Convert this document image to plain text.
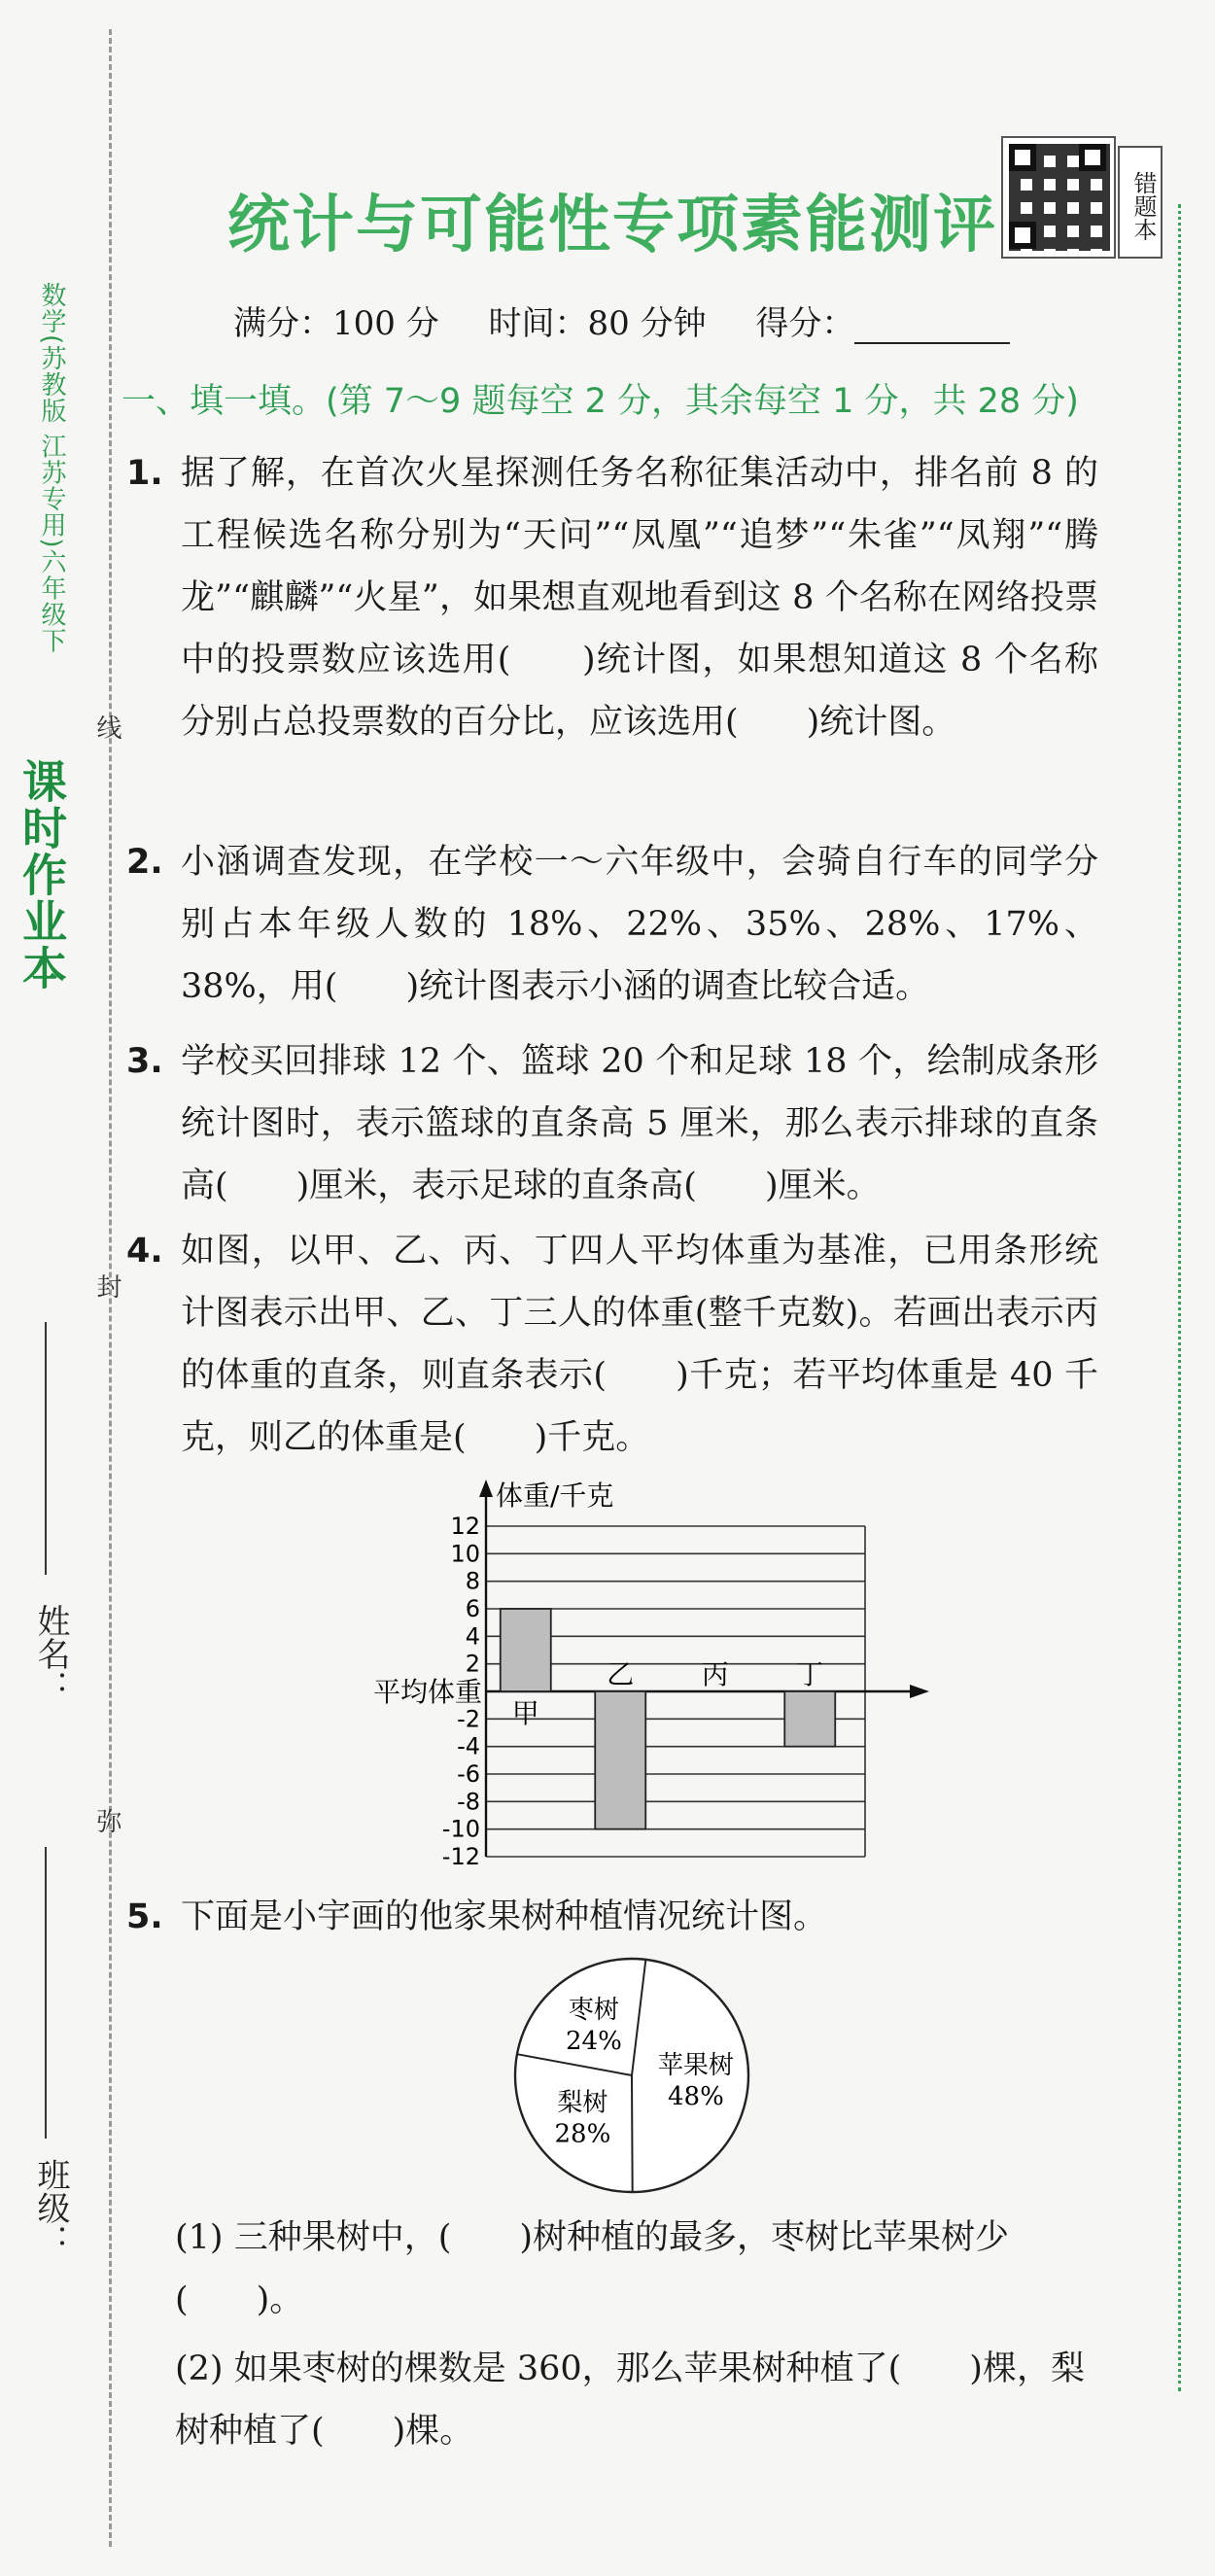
数学(苏教版 江苏专用)六年级下
课时作业本
姓名：
班级：
线
封
弥
统计与可能性专项素能测评	错题本
满分：100 分 时间：80 分钟 得分：
一、填一填。(第 7～9 题每空 2 分，其余每空 1 分，共 28 分)
1. 据了解，在首次火星探测任务名称征集活动中，排名前 8 的工程候选名称分别为“天问”“凤凰”“追梦”“朱雀”“凤翔”“腾龙”“麒麟”“火星”，如果想直观地看到这 8 个名称在网络投票中的投票数应该选用(　　)统计图，如果想知道这 8 个名称分别占总投票数的百分比，应该选用(　　)统计图。
2. 小涵调查发现，在学校一～六年级中，会骑自行车的同学分别占本年级人数的 18%、22%、35%、28%、17%、38%，用(　　)统计图表示小涵的调查比较合适。
3. 学校买回排球 12 个、篮球 20 个和足球 18 个，绘制成条形统计图时，表示篮球的直条高 5 厘米，那么表示排球的直条高(　　)厘米，表示足球的直条高(　　)厘米。
4. 如图，以甲、乙、丙、丁四人平均体重为基准，已用条形统计图表示出甲、乙、丁三人的体重(整千克数)。若画出表示丙的体重的直条，则直条表示(　　)千克；若平均体重是 40 千克，则乙的体重是(　　)千克。
12
10
8
6
4
2
-2
-4
-6
-8
-10
-12
体重/千克
平均体重
甲
乙 丙 丁
5. 下面是小宇画的他家果树种植情况统计图。
苹果树
48%
梨树
28%
枣树
24%
(1) 三种果树中，(　　)树种植的最多，枣树比苹果树少(　　)。
(2) 如果枣树的棵数是 360，那么苹果树种植了(　　)棵，梨树种植了(　　)棵。
